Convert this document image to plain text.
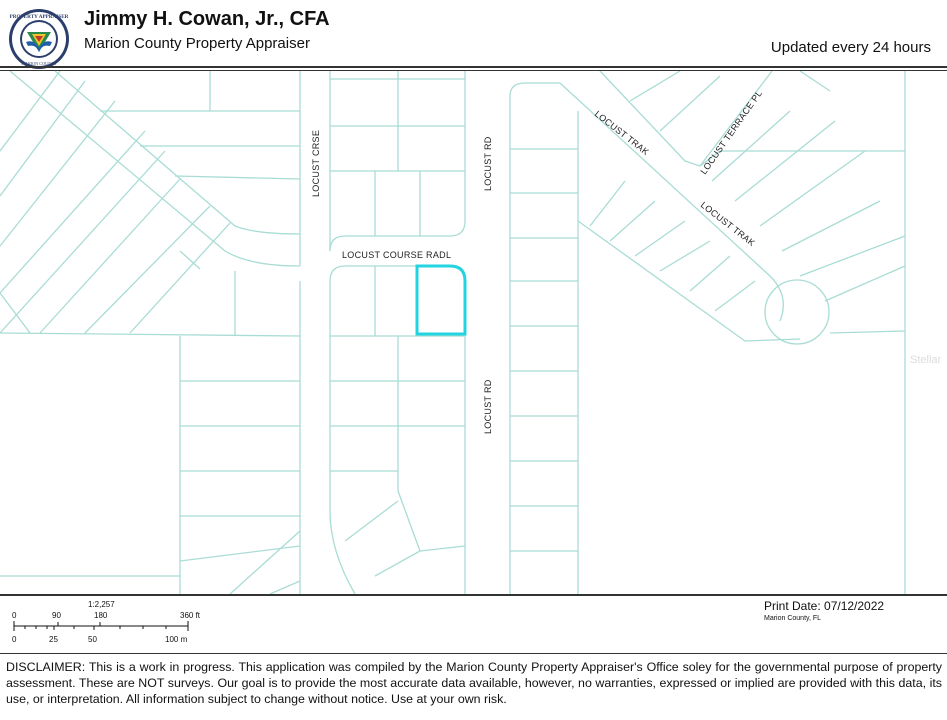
PROPERTY APPRAISER
MARION COUNTY
Jimmy H. Cowan, Jr., CFA
Marion County Property Appraiser	Updated every 24 hours
LOCUST CRSE	LOCUST RD
LOCUST COURSE RADL
LOCUST RD
LOCUST TRAK	LOCUST TERRACE PL
LOCUST TRAK
Stellar
1:2,257
0	90	180	360 ft
0	25	50	100 m
Print Date: 07/12/2022
Marion County, FL
DISCLAIMER: This is a work in progress. This application was compiled by the Marion County Property Appraiser's Office soley for the governmental purpose of property assessment. These are NOT surveys. Our goal is to provide the most accurate data available, however, no warranties, expressed or implied are provided with this data, its use, or interpretation. All information subject to change without notice. Use at your own risk.
